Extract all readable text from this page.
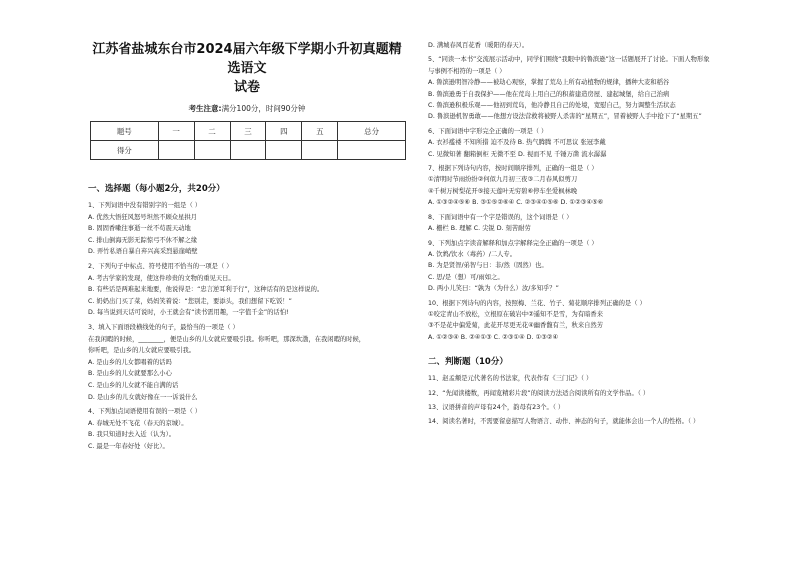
江苏省盐城东台市2024届六年级下学期小升初真题精选语文
试卷
考生注意:满分100分，时间90分钟
题号	一	二	三	四	五	总分
得分						
一、选择题（每小题2分，共20分）
1、下列词语中没有错别字的一组是（ ）
A. 优然大悟狂风怒号坦然不顾众星拱月
B. 固固香嗽往事逝一丝不苟震天动地
C. 排山倒海无影无踪惊弓不休不解之缘
D. 弄竹私语自暴自弃兴高采烈悬崖峭壁
2、下列句子中标点、符号使用不恰当的一项是（ ）
A. 考古学家的发现，使这件珍贵的文物的重见天日。
B. 有些话是两难起来地要，他说得是：“忠言逆耳利于行”，这种话有的是这样说的。
C. 奶奶出门买了菜，妈妈笑着说：“您别走，要添头，我们想留下吃饭！”
D. 每当说到天话可说时，小王就会有“读书需用趣，一字值千金”的话怕!
3、填入下面语段横线处的句子，最恰当的一项是（ ）
在我闲暇的时候，________，便是山乡的儿女就应要吸引我。你听吧，那深坎渤，在我闲暇的时候，
你听吧，是山乡的儿女就应要吸引我。
A. 是山乡的儿女都唱着的话吗
B. 是山乡的儿女就要那么小心
C. 是山乡的儿女就不能自满的话
D. 是山乡的儿女就好像在一一诉说什么
4、下列加点词语使用有误的一项是（ ）
A. 春城无处不飞花（春天的京城）。
B. 我只知道时去入近（认为）。
C. 最是一年春好处（好比）。
D. 满城春风百花香（暖阳的春天）。
5、“同读一本书”交流展示活动中，同学们围绕“我眼中的鲁滨逊”这一话题展开了讨论。下面人物形象
与事例不相符的一项是（ ）
A. 鲁滨逊明智冷静——被劫心观察，掌握了荒岛上所有动植物的规律，播种大麦和稻谷
B. 鲁滨逊勇于自我保护——他在荒岛上用自己的积蓄建造房屋、建起城堡，给自己治病
C. 鲁滨逊积极乐观——他初到荒岛，他冷静且自己的处境，宽慰自己，努力调整生活状态
D. 鲁滨逊机智勇敢——他想方设法营救将被野人杀害的“星期五”，冒着被野人手中抢下了“星期五”
6、下面词语中字形完全正确的一项是（ ）
A. 衣衫褴褛 不知所措 迫不及待 B. 热气腾腾 不可思议 张冠李戴
C. 见微知著 翻箱倒柜 无微不至 D. 视而不见 千锤万凿 流水潺潺
7、根据下列诗句内容，按时间顺序排列，正确的一组是（ ）
①清明时节雨纷纷②何似九月初三夜③二月春风似剪刀
④千树万树梨花开⑤接天莲叶无穷碧⑥停车坐爱枫林晚
A. ①③②④⑤⑥ B. ③①⑤②⑥④ C. ②③④①⑤⑥ D. ①②③④⑤⑥
8、下面词语中有一个字是错误的，这个词语是（ ）
A. 栅栏 B. 理解 C. 尖锐 D. 刻苦耐劳
9、下列加点字读音解释和加点字解释完全正确的一项是（ ）
A. 饮鸩/饮水（毒药）/二人专。
B. 为是贤智/弟智与日：非/然（固然）也。
C. 思/是（想）可/雨如之。
D. 两小儿笑曰：“孰为（为什么）汝/多知乎？”
10、根据下列诗句的内容，按照梅、兰花、竹子、菊花顺序排列正确的是（ ）
①咬定青山不放松，立根原在破岩中②遥知不是雪，为有暗香来
③不是花中偏爱菊，此花开尽更无花④幽香馥有兰，秋来自然芳
A. ①②③④ B. ②④①③ C. ②③①④ D. ①③②④
二、判断题（10分）
11、赵孟頫是元代著名的书法家，代表作有《三门记》（ ）
12、“先闻读楼数，再闻览精彩片段”的阅读方法适合阅读所有的文学作品。（ ）
13、汉语拼音的声母有24个，韵母有23个。（ ）
14、阅读名著时，不需要留意描写人物语言、动作、神态的句子，就能体会出一个人的性格。（ ）
